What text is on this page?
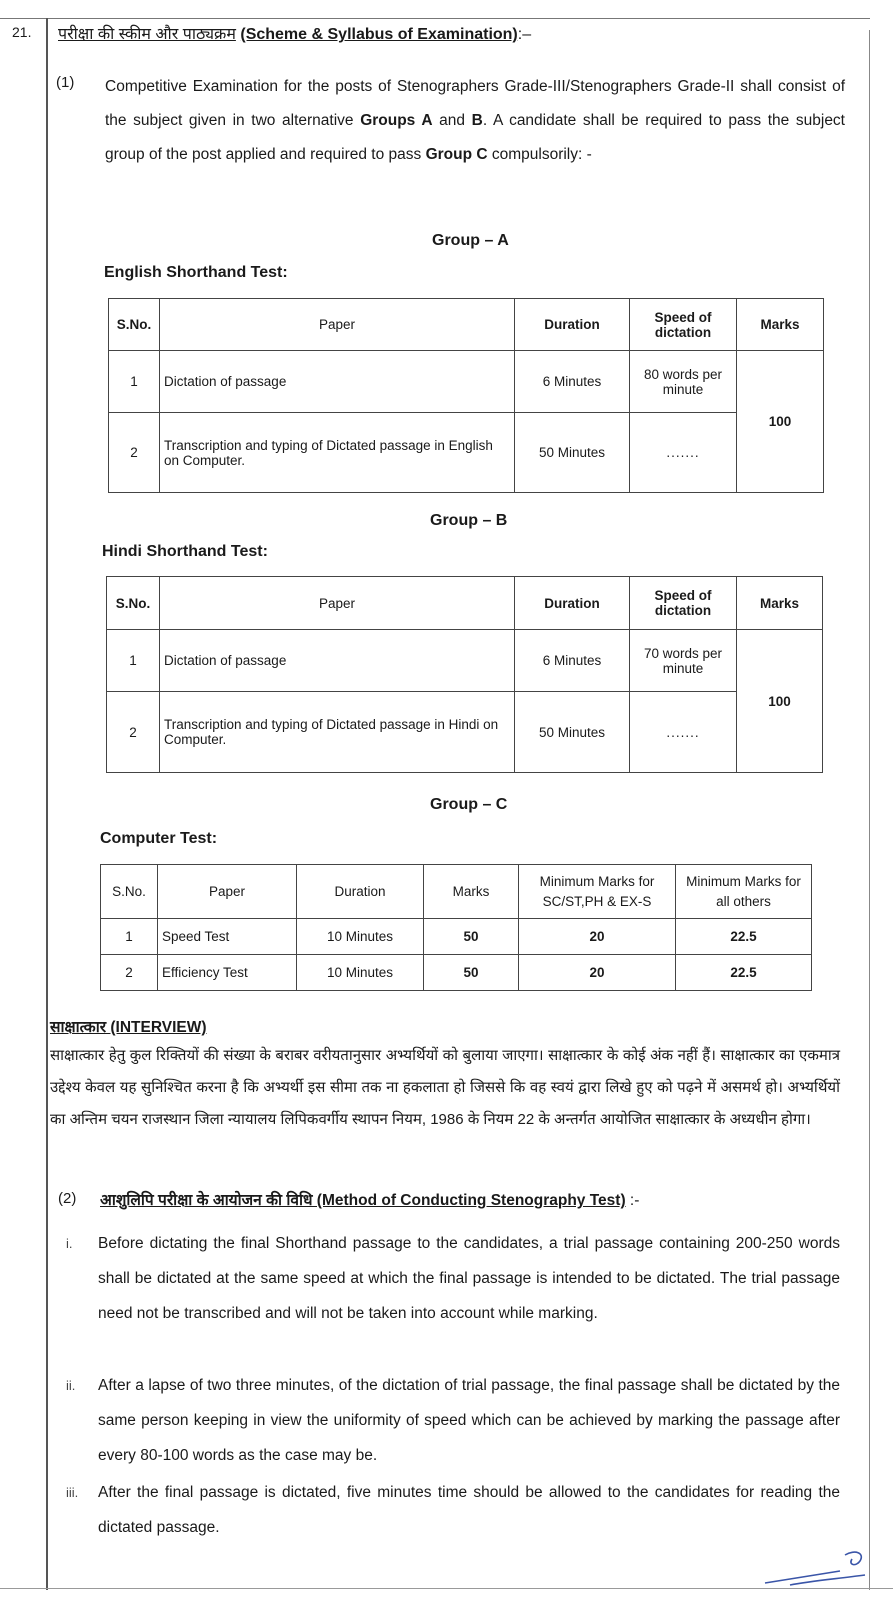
21. परीक्षा की स्कीम और पाठ्यक्रम (Scheme & Syllabus of Examination):–
(1) Competitive Examination for the posts of Stenographers Grade-III/Stenographers Grade-II shall consist of the subject given in two alternative Groups A and B. A candidate shall be required to pass the subject group of the post applied and required to pass Group C compulsorily: -
Group – A
English Shorthand Test:
S.No.	Paper	Duration	Speed of dictation	Marks
1	Dictation of passage	6 Minutes	80 words per minute	100
2	Transcription and typing of Dictated passage in English on Computer.	50 Minutes	.......	
Group – B
Hindi Shorthand Test:
S.No.	Paper	Duration	Speed of dictation	Marks
1	Dictation of passage	6 Minutes	70 words per minute	100
2	Transcription and typing of Dictated passage in Hindi on Computer.	50 Minutes	.......	
Group – C
Computer Test:
S.No.	Paper	Duration	Marks	Minimum Marks for SC/ST,PH & EX-S	Minimum Marks for all others
1	Speed Test	10 Minutes	50	20	22.5
2	Efficiency Test	10 Minutes	50	20	22.5
साक्षात्कार (INTERVIEW)
साक्षात्कार हेतु कुल रिक्तियों की संख्या के बराबर वरीयतानुसार अभ्यर्थियों को बुलाया जाएगा। साक्षात्कार के कोई अंक नहीं हैं। साक्षात्कार का एकमात्र उद्देश्य केवल यह सुनिश्चित करना है कि अभ्यर्थी इस सीमा तक ना हकलाता हो जिससे कि वह स्वयं द्वारा लिखे हुए को पढ़ने में असमर्थ हो। अभ्यर्थियों का अन्तिम चयन राजस्थान जिला न्यायालय लिपिकवर्गीय स्थापन नियम, 1986 के नियम 22 के अन्तर्गत आयोजित साक्षात्कार के अध्यधीन होगा।
(2) आशुलिपि परीक्षा के आयोजन की विधि (Method of Conducting Stenography Test) :-
i. Before dictating the final Shorthand passage to the candidates, a trial passage containing 200-250 words shall be dictated at the same speed at which the final passage is intended to be dictated. The trial passage need not be transcribed and will not be taken into account while marking.
ii. After a lapse of two three minutes, of the dictation of trial passage, the final passage shall be dictated by the same person keeping in view the uniformity of speed which can be achieved by marking the passage after every 80-100 words as the case may be.
iii. After the final passage is dictated, five minutes time should be allowed to the candidates for reading the dictated passage.
